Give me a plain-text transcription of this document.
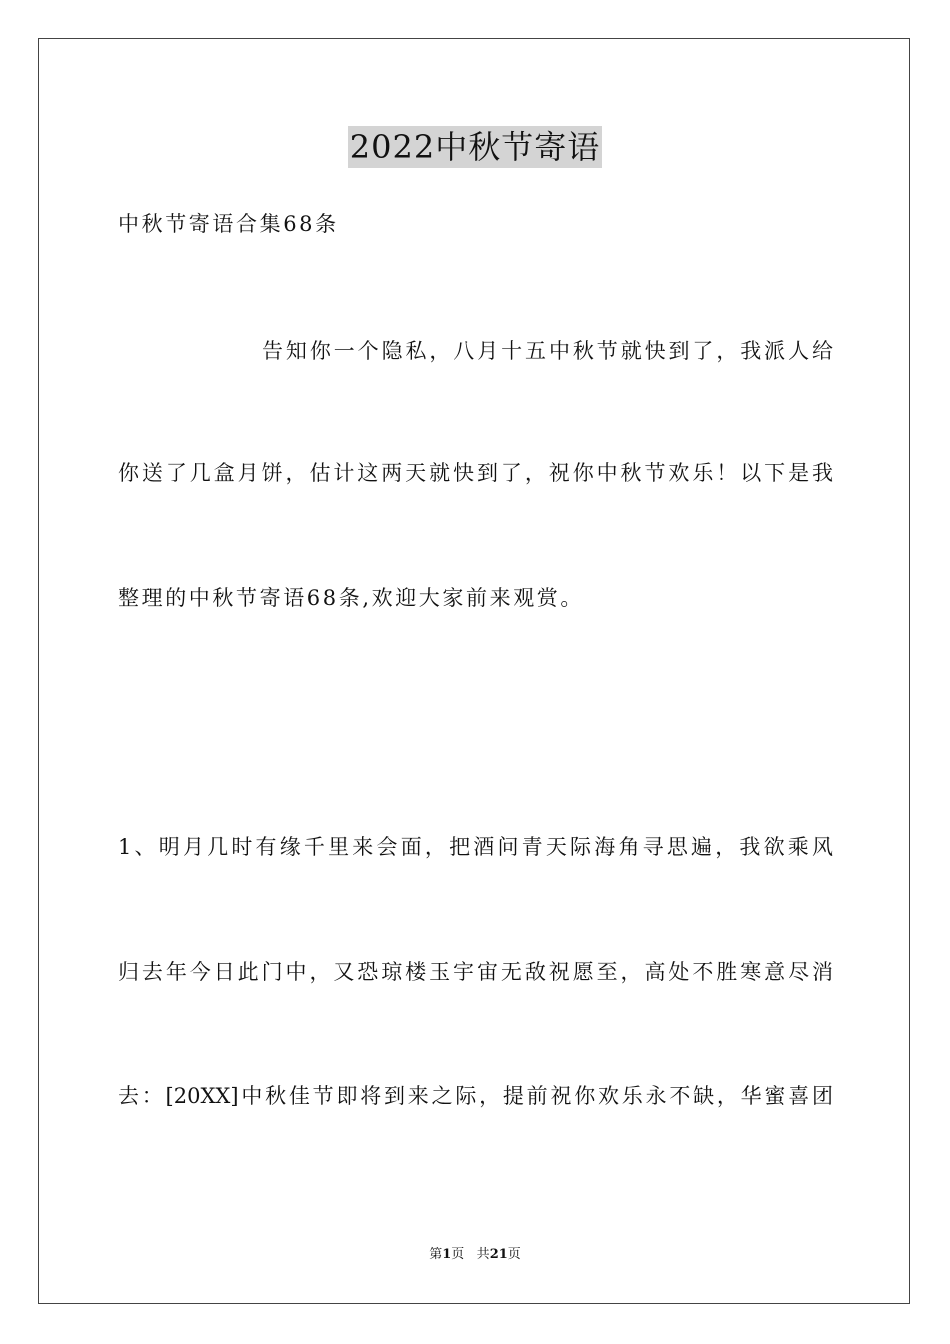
2022中秋节寄语
中秋节寄语合集68条
告知你一个隐私，八月十五中秋节就快到了，我派人给
你送了几盒月饼，估计这两天就快到了，祝你中秋节欢乐！以下是我
整理的中秋节寄语68条,欢迎大家前来观赏。
1、明月几时有缘千里来会面，把酒问青天际海角寻思遍，我欲乘风
归去年今日此门中，又恐琼楼玉宇宙无敌祝愿至，高处不胜寒意尽消
去：[20XX]中秋佳节即将到来之际，提前祝你欢乐永不缺，华蜜喜团
第1页 共21页
